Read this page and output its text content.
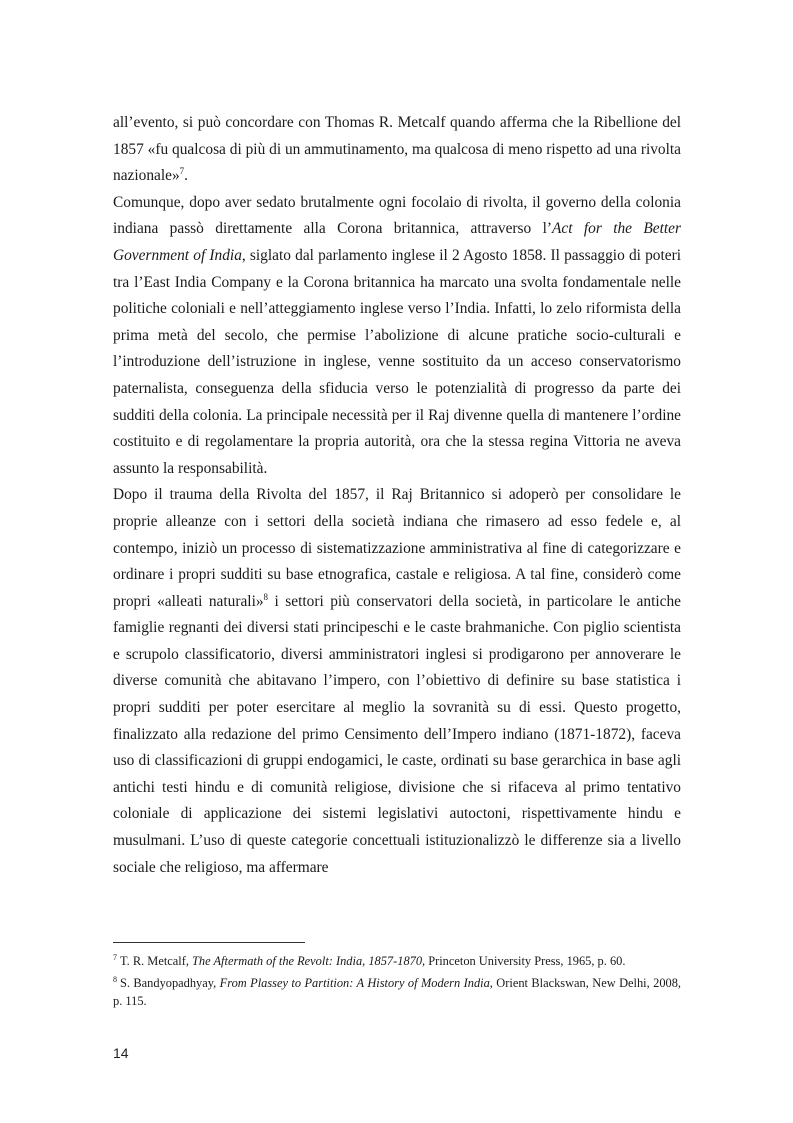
all’evento, si può concordare con Thomas R. Metcalf quando afferma che la Ribellione del 1857 «fu qualcosa di più di un ammutinamento, ma qualcosa di meno rispetto ad una rivolta nazionale»$^7$.

Comunque, dopo aver sedato brutalmente ogni focolaio di rivolta, il governo della colonia indiana passò direttamente alla Corona britannica, attraverso l’Act for the Better Government of India, siglato dal parlamento inglese il 2 Agosto 1858. Il passaggio di poteri tra l’East India Company e la Corona britannica ha marcato una svolta fondamentale nelle politiche coloniali e nell’atteggiamento inglese verso l’India. Infatti, lo zelo riformista della prima metà del secolo, che permise l’abolizione di alcune pratiche socio-culturali e l’introduzione dell’istruzione in inglese, venne sostituito da un acceso conservatorismo paternalista, conseguenza della sfiducia verso le potenzialità di progresso da parte dei sudditi della colonia. La principale necessità per il Raj divenne quella di mantenere l’ordine costituito e di regolamentare la propria autorità, ora che la stessa regina Vittoria ne aveva assunto la responsabilità.

Dopo il trauma della Rivolta del 1857, il Raj Britannico si adoperò per consolidare le proprie alleanze con i settori della società indiana che rimasero ad esso fedele e, al contempo, iniziò un processo di sistematizzazione amministrativa al fine di categorizzare e ordinare i propri sudditi su base etnografica, castale e religiosa. A tal fine, considerò come propri «alleati naturali»$^8$ i settori più conservatori della società, in particolare le antiche famiglie regnanti dei diversi stati principeschi e le caste brahmaniche. Con piglio scientista e scrupolo classificatorio, diversi amministratori inglesi si prodigarono per annoverare le diverse comunità che abitavano l’impero, con l’obiettivo di definire su base statistica i propri sudditi per poter esercitare al meglio la sovranità su di essi. Questo progetto, finalizzato alla redazione del primo Censimento dell’Impero indiano (1871-1872), faceva uso di classificazioni di gruppi endogamici, le caste, ordinati su base gerarchica in base agli antichi testi hindu e di comunità religiose, divisione che si rifaceva al primo tentativo coloniale di applicazione dei sistemi legislativi autoctoni, rispettivamente hindu e musulmani. L’uso di queste categorie concettuali istituzionalizzò le differenze sia a livello sociale che religioso, ma affermare

$^7$ T. R. Metcalf, The Aftermath of the Revolt: India, 1857-1870, Princeton University Press, 1965, p. 60.

$^8$ S. Bandyopadhyay, From Plassey to Partition: A History of Modern India, Orient Blackswan, New Delhi, 2008, p. 115.

14
